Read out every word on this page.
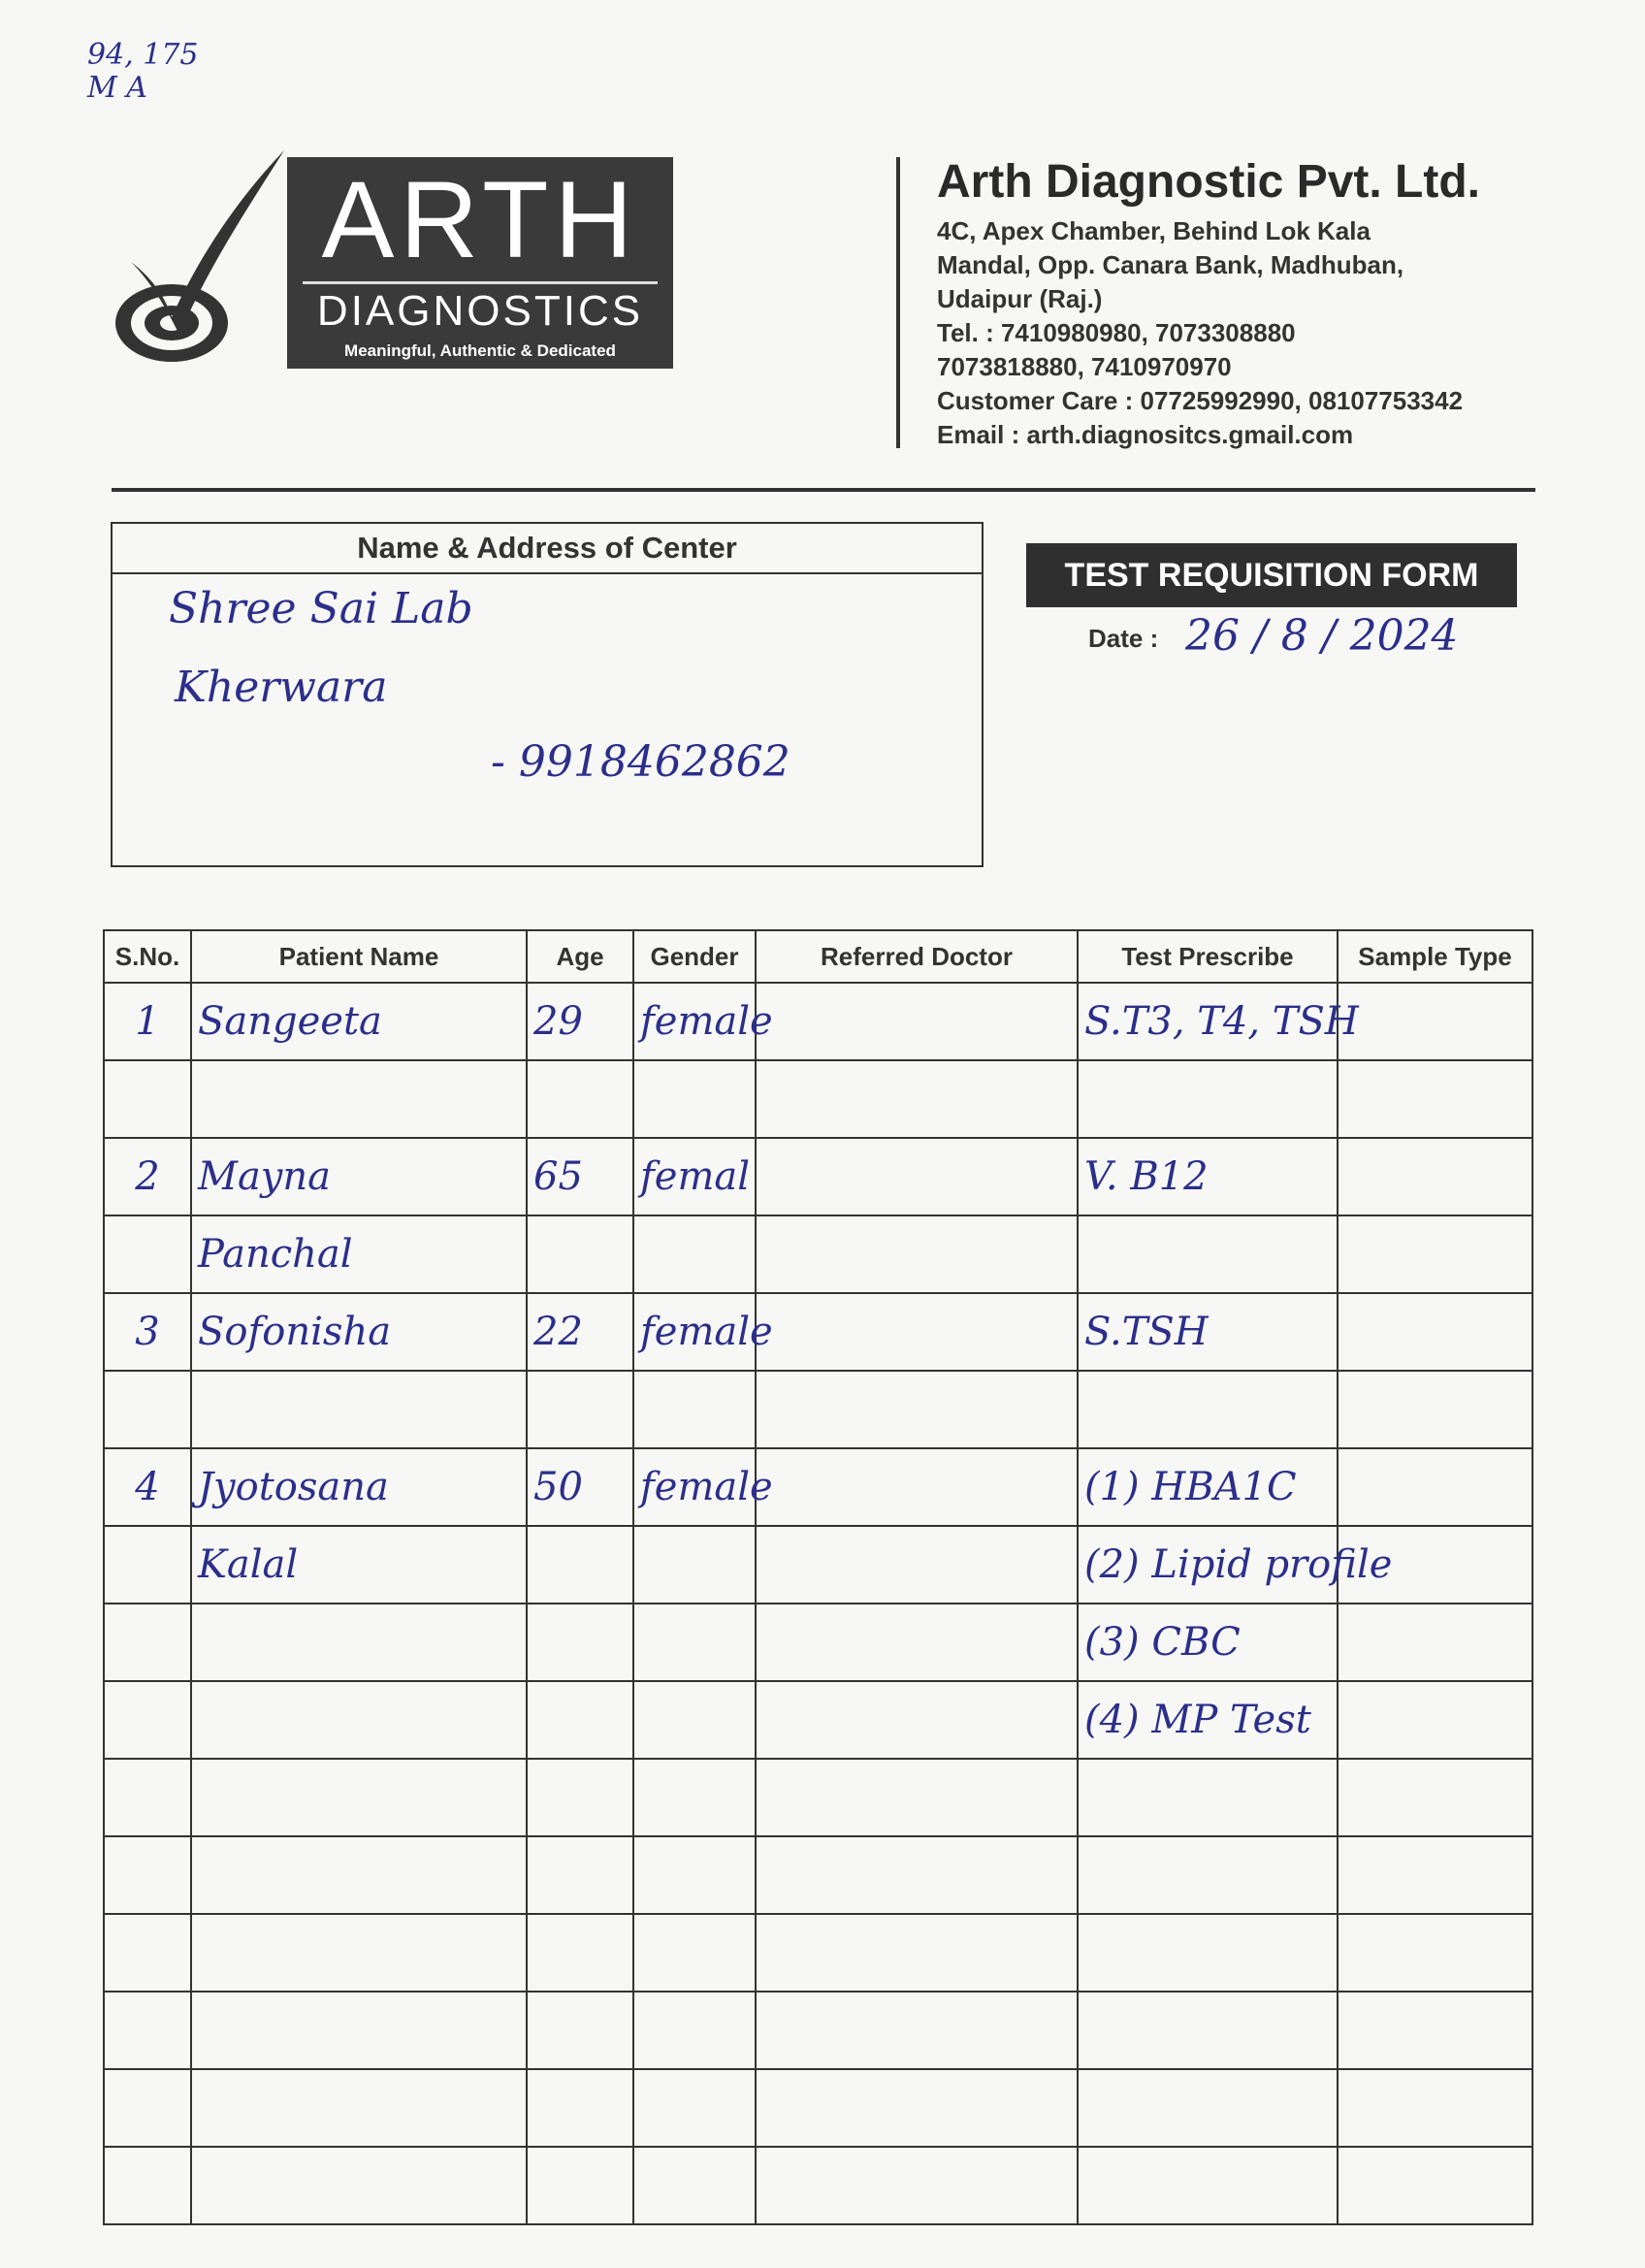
94, 175
M A
ARTH
DIAGNOSTICS
Meaningful, Authentic & Dedicated
Arth Diagnostic Pvt. Ltd.
4C, Apex Chamber, Behind Lok Kala
Mandal, Opp. Canara Bank, Madhuban,
Udaipur (Raj.)
Tel. : 7410980980, 7073308880
7073818880, 7410970970
Customer Care : 07725992990, 08107753342
Email : arth.diagnositcs.gmail.com
Name & Address of Center
Shree Sai Lab
Kherwara
- 9918462862
TEST REQUISITION FORM
Date : 26 / 8 / 2024
S.No.	Patient Name	Age	Gender	Referred Doctor	Test Prescribe	Sample Type
1	Sangeeta	29	female		S.T3, T4, TSH	

2	Mayna	65	femal		V. B12	
	Panchal					
3	Sofonisha	22	female		S.TSH	

4	Jyotosana	50	female		(1) HBA1C	
	Kalal				(2) Lipid profile	
					(3) CBC	
					(4) MP Test	
